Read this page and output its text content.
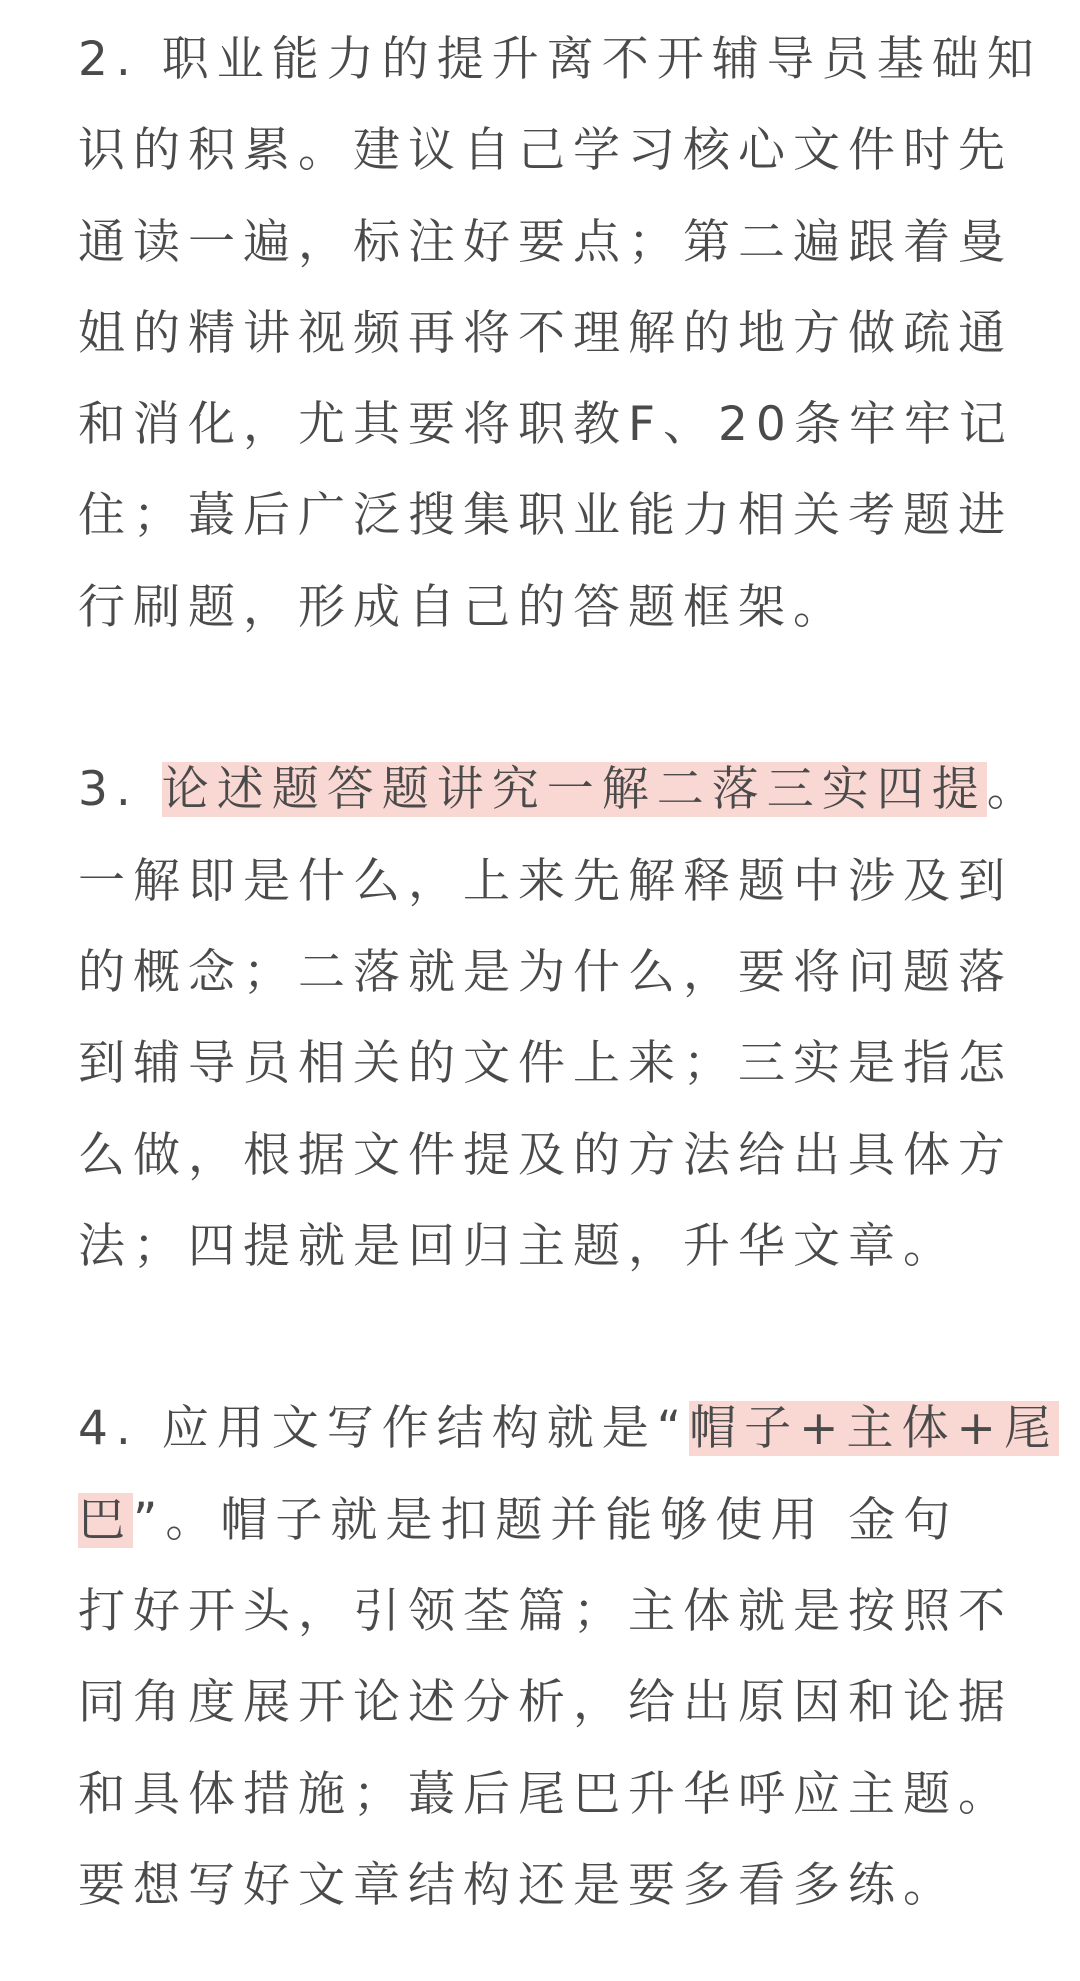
2. 职业能力的提升离不开辅导员基础知
识的积累。建议自己学习核心文件时先
通读一遍，标注好要点；第二遍跟着曼
姐的精讲视频再将不理解的地方做疏通
和消化，尤其要将职教F、20条牢牢记
住；蕞后广泛搜集职业能力相关考题进
行刷题，形成自己的答题框架。
3. 论述题答题讲究一解二落三实四提。
一解即是什么，上来先解释题中涉及到
的概念；二落就是为什么，要将问题落
到辅导员相关的文件上来；三实是指怎
么做，根据文件提及的方法给出具体方
法；四提就是回归主题，升华文章。
4. 应用文写作结构就是“帽子+主体+尾
巴”。帽子就是扣题并能够使用 金句
打好开头，引领荃篇；主体就是按照不
同角度展开论述分析，给出原因和论据
和具体措施；蕞后尾巴升华呼应主题。
要想写好文章结构还是要多看多练。
